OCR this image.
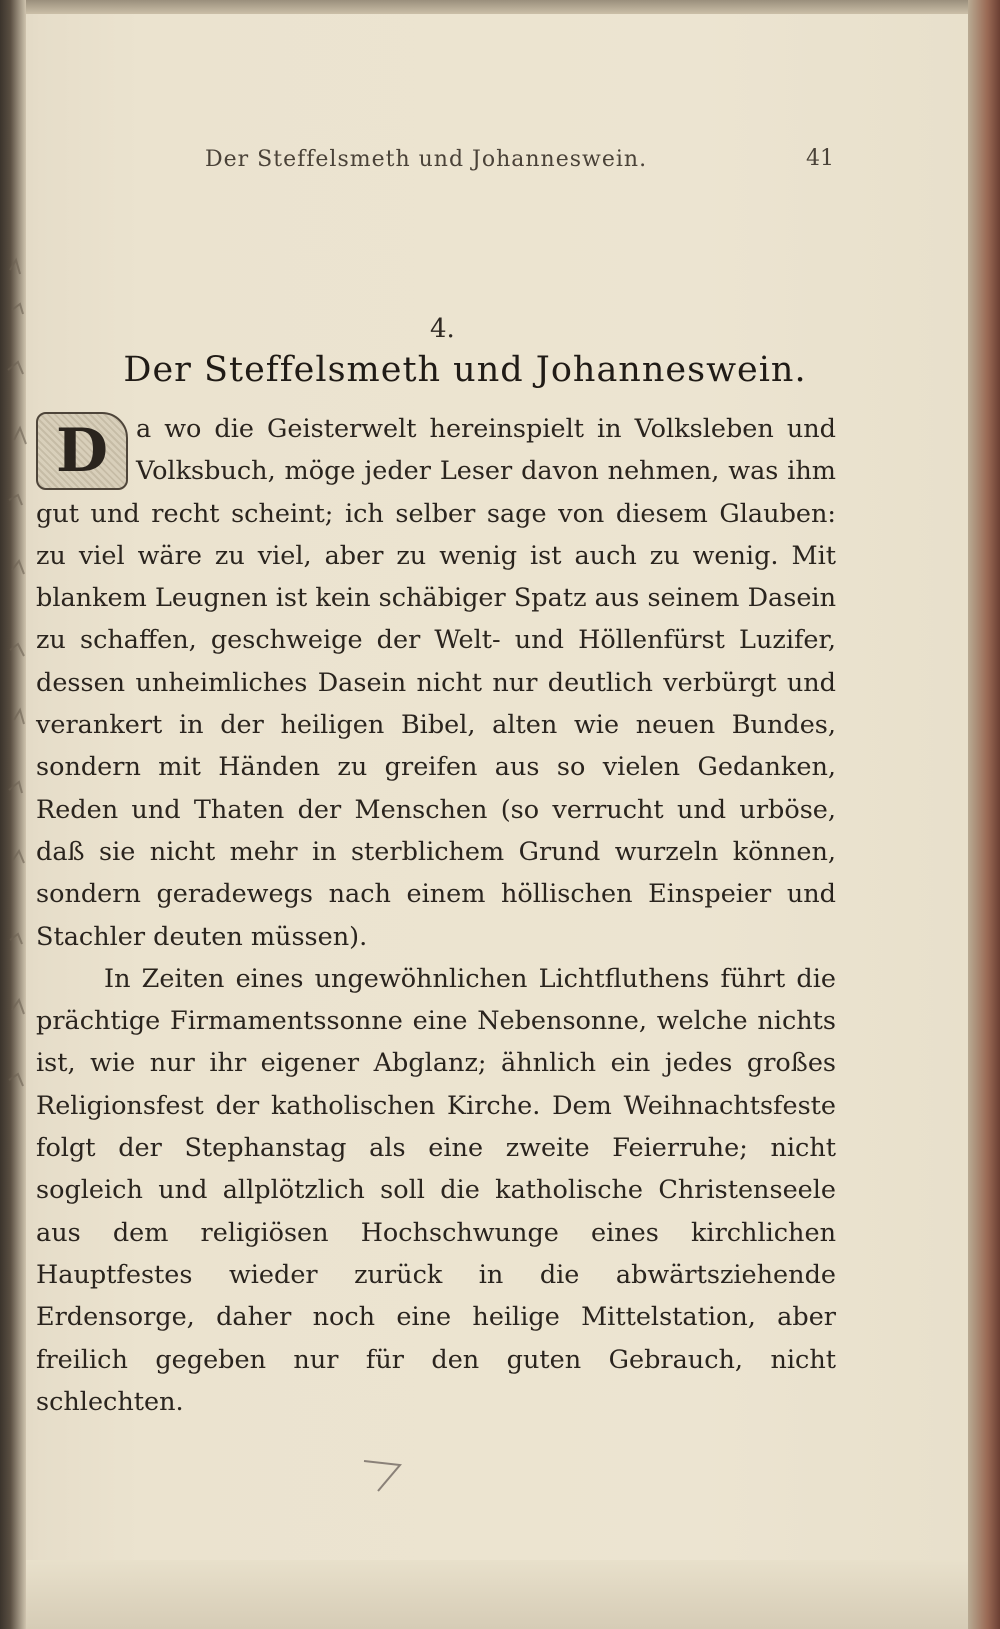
Der Steffelsmeth und Johanneswein.	41
4.
Der Steffelsmeth und Johanneswein.

D	a wo die Geisterwelt hereinspielt in Volksleben und Volksbuch, möge jeder Leser davon nehmen, was ihm gut und recht scheint; ich selber sage von diesem Glauben: zu viel wäre zu viel, aber zu wenig ist auch zu wenig. Mit blankem Leugnen ist kein schäbiger Spatz aus seinem Dasein zu schaffen, geschweige der Welt- und Höllenfürst Luzifer, dessen unheimliches Dasein nicht nur deutlich verbürgt und verankert in der heiligen Bibel, alten wie neuen Bundes, sondern mit Händen zu greifen aus so vielen Gedanken, Reden und Thaten der Menschen (so verrucht und urböse, daß sie nicht mehr in sterblichem Grund wurzeln können, sondern geradewegs nach einem höllischen Einspeier und Stachler deuten müssen).

In Zeiten eines ungewöhnlichen Lichtfluthens führt die prächtige Firmamentssonne eine Nebensonne, welche nichts ist, wie nur ihr eigener Abglanz; ähnlich ein jedes großes Religionsfest der katholischen Kirche. Dem Weihnachtsfeste folgt der Stephanstag als eine zweite Feierruhe; nicht sogleich und allplötzlich soll die katholische Christenseele aus dem religiösen Hochschwunge eines kirchlichen Hauptfestes wieder zurück in die abwärtsziehende Erdensorge, daher noch eine heilige Mittelstation, aber freilich gegeben nur für den guten Gebrauch, nicht schlechten.
